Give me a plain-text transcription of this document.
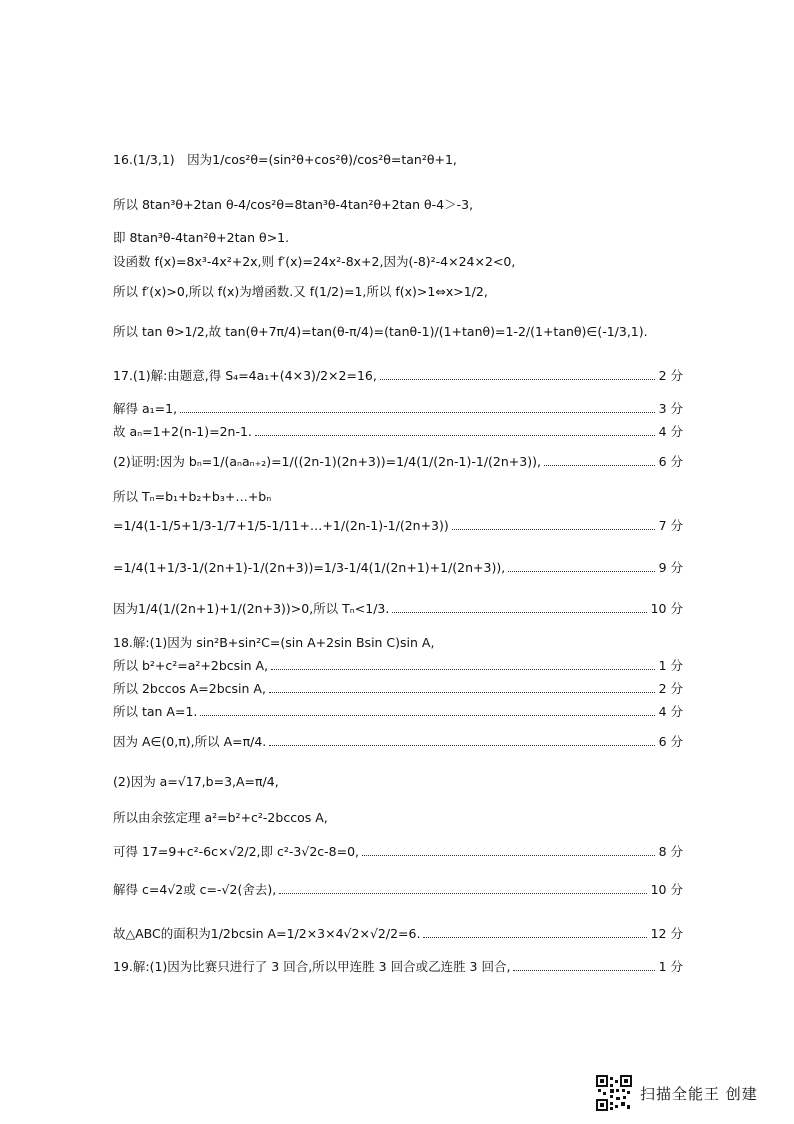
16.(1/3,1)　因为1/cos²θ=(sin²θ+cos²θ)/cos²θ=tan²θ+1,
所以 8tan³θ+2tan θ-4/cos²θ=8tan³θ-4tan²θ+2tan θ-4＞-3,
即 8tan³θ-4tan²θ+2tan θ>1.
设函数 f(x)=8x³-4x²+2x,则 f′(x)=24x²-8x+2,因为(-8)²-4×24×2<0,
所以 f′(x)>0,所以 f(x)为增函数.又 f(1/2)=1,所以 f(x)>1⇔x>1/2,
所以 tan θ>1/2,故 tan(θ+7π/4)=tan(θ-π/4)=(tanθ-1)/(1+tanθ)=1-2/(1+tanθ)∈(-1/3,1).
17.(1)解:由题意,得 S₄=4a₁+(4×3)/2×2=16,	2 分
解得 a₁=1,	3 分
故 aₙ=1+2(n-1)=2n-1.	4 分
(2)证明:因为 bₙ=1/(aₙaₙ₊₂)=1/((2n-1)(2n+3))=1/4(1/(2n-1)-1/(2n+3)),	6 分
所以 Tₙ=b₁+b₂+b₃+…+bₙ
=1/4(1-1/5+1/3-1/7+1/5-1/11+…+1/(2n-1)-1/(2n+3))	7 分
=1/4(1+1/3-1/(2n+1)-1/(2n+3))=1/3-1/4(1/(2n+1)+1/(2n+3)),	9 分
因为1/4(1/(2n+1)+1/(2n+3))>0,所以 Tₙ<1/3.	10 分
18.解:(1)因为 sin²B+sin²C=(sin A+2sin Bsin C)sin A,
所以 b²+c²=a²+2bcsin A,	1 分
所以 2bccos A=2bcsin A,	2 分
所以 tan A=1.	4 分
因为 A∈(0,π),所以 A=π/4.	6 分
(2)因为 a=√17,b=3,A=π/4,
所以由余弦定理 a²=b²+c²-2bccos A,
可得 17=9+c²-6c×√2/2,即 c²-3√2c-8=0,	8 分
解得 c=4√2或 c=-√2(舍去),	10 分
故△ABC的面积为1/2bcsin A=1/2×3×4√2×√2/2=6.	12 分
19.解:(1)因为比赛只进行了 3 回合,所以甲连胜 3 回合或乙连胜 3 回合,	1 分
扫描全能王 创建
